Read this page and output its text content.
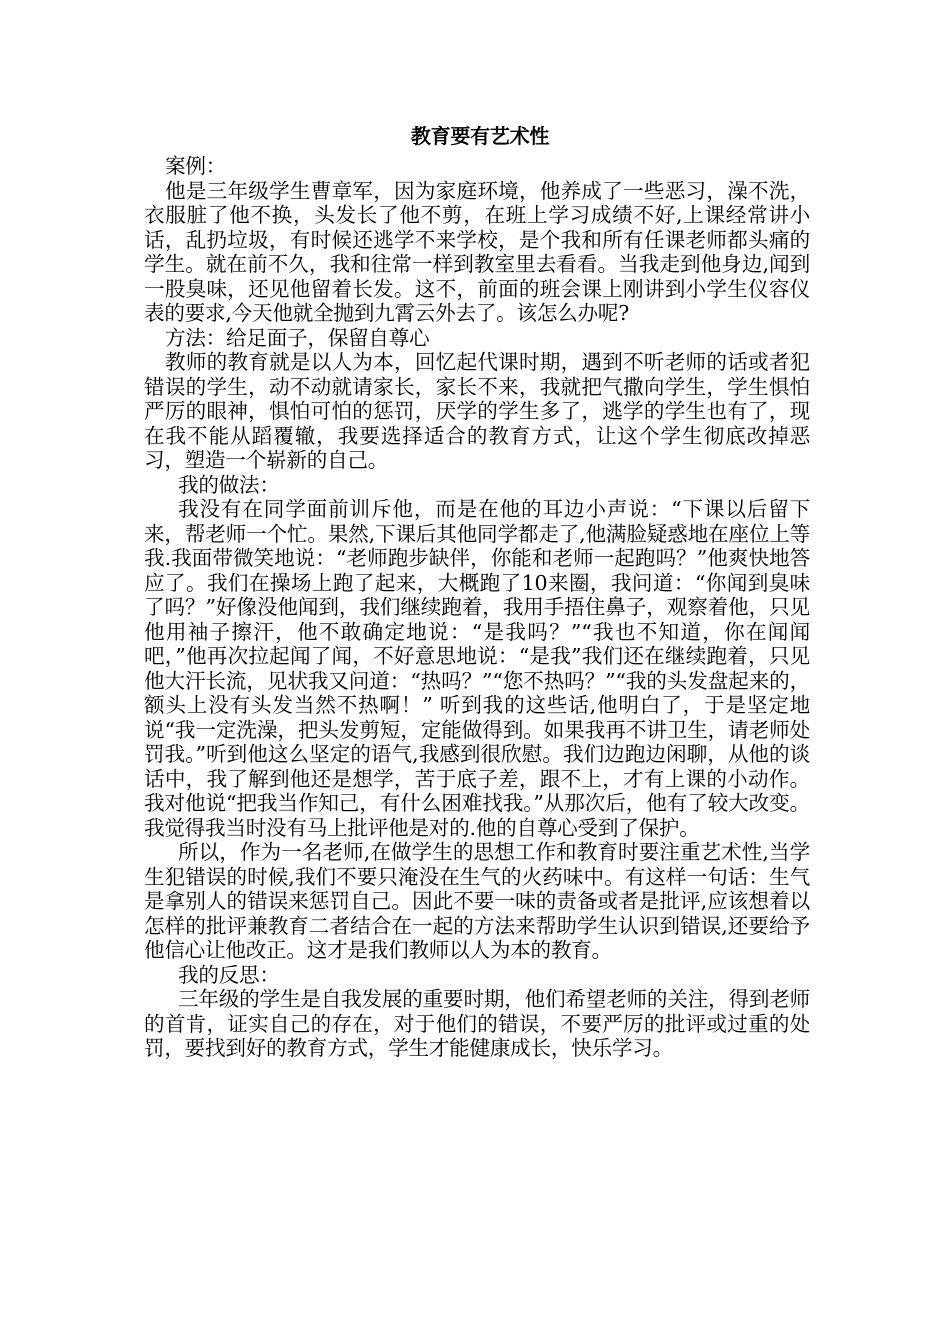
教育要有艺术性

案例：

他是三年级学生曹章军，因为家庭环境，他养成了一些恶习，澡不洗，衣服脏了他不换，头发长了他不剪，在班上学习成绩不好,上课经常讲小话，乱扔垃圾，有时候还逃学不来学校，是个我和所有任课老师都头痛的学生。就在前不久，我和往常一样到教室里去看看。当我走到他身边,闻到一股臭味，还见他留着长发。这不，前面的班会课上刚讲到小学生仪容仪表的要求,今天他就全抛到九霄云外去了。该怎么办呢?

方法：给足面子，保留自尊心

教师的教育就是以人为本，回忆起代课时期，遇到不听老师的话或者犯错误的学生，动不动就请家长，家长不来，我就把气撒向学生，学生惧怕严厉的眼神，惧怕可怕的惩罚，厌学的学生多了，逃学的学生也有了，现在我不能从蹈覆辙，我要选择适合的教育方式，让这个学生彻底改掉恶习，塑造一个崭新的自己。

我的做法：

我没有在同学面前训斥他，而是在他的耳边小声说：“下课以后留下来，帮老师一个忙。果然,下课后其他同学都走了,他满脸疑惑地在座位上等我.我面带微笑地说：“老师跑步缺伴，你能和老师一起跑吗？”他爽快地答应了。我们在操场上跑了起来，大概跑了10来圈，我问道：“你闻到臭味了吗？”好像没他闻到，我们继续跑着，我用手捂住鼻子，观察着他，只见他用袖子擦汗，他不敢确定地说：“是我吗？”“我也不知道，你在闻闻吧，”他再次拉起闻了闻，不好意思地说：“是我”我们还在继续跑着，只见他大汗长流，见状我又问道：“热吗？”“您不热吗？”“我的头发盘起来的，额头上没有头发当然不热啊！” 听到我的这些话,他明白了，于是坚定地说“我一定洗澡，把头发剪短，定能做得到。如果我再不讲卫生，请老师处罚我。”听到他这么坚定的语气,我感到很欣慰。我们边跑边闲聊，从他的谈话中，我了解到他还是想学，苦于底子差，跟不上，才有上课的小动作。我对他说“把我当作知己，有什么困难找我。”从那次后，他有了较大改变。我觉得我当时没有马上批评他是对的.他的自尊心受到了保护。

所以，作为一名老师,在做学生的思想工作和教育时要注重艺术性,当学生犯错误的时候,我们不要只淹没在生气的火药味中。有这样一句话：生气是拿别人的错误来惩罚自己。因此不要一味的责备或者是批评,应该想着以怎样的批评兼教育二者结合在一起的方法来帮助学生认识到错误,还要给予他信心让他改正。这才是我们教师以人为本的教育。

我的反思：

三年级的学生是自我发展的重要时期，他们希望老师的关注，得到老师的首肯，证实自己的存在，对于他们的错误，不要严厉的批评或过重的处罚，要找到好的教育方式，学生才能健康成长，快乐学习。
